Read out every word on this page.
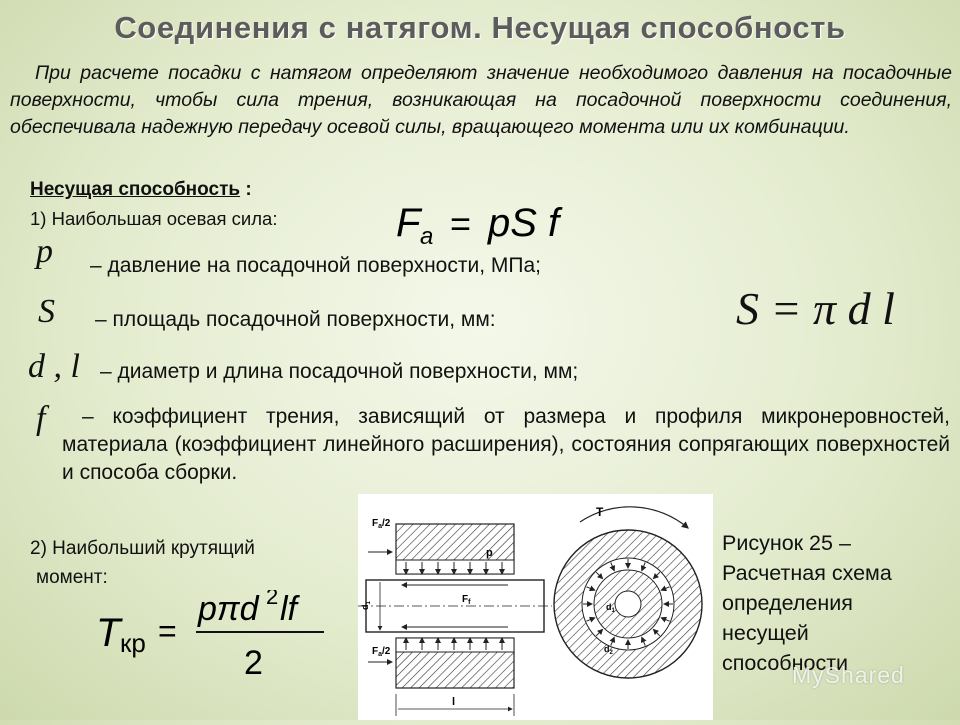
Соединения с натягом. Несущая способность
При расчете посадки с натягом определяют значение необходимого давления на посадочные поверхности, чтобы сила трения, возникающая на посадочной поверхности соединения, обеспечивала надежную передачу осевой силы, вращающего момента или их комбинации.
Несущая способность :
1) Наибольшая осевая сила:	F a = pS f
p – давление на посадочной поверхности, МПа;
S – площадь посадочной поверхности, мм:	S = π d l
d , l – диаметр и длина посадочной поверхности, мм;
f	– коэффициент трения, зависящий от размера и профиля микронеровностей, материала (коэффициент линейного расширения), состояния сопрягающих поверхностей и способа сборки.
2) Наибольший крутящий
момент:
T кр =
pπd 2 lf
2
$F_a/2$
$F_a/2$
p
$d_1$	$F_f$
l
T
$d_1$
$d_2$
Рисунок 25 –
Расчетная схема
определения
несущей
способности
MyShared
